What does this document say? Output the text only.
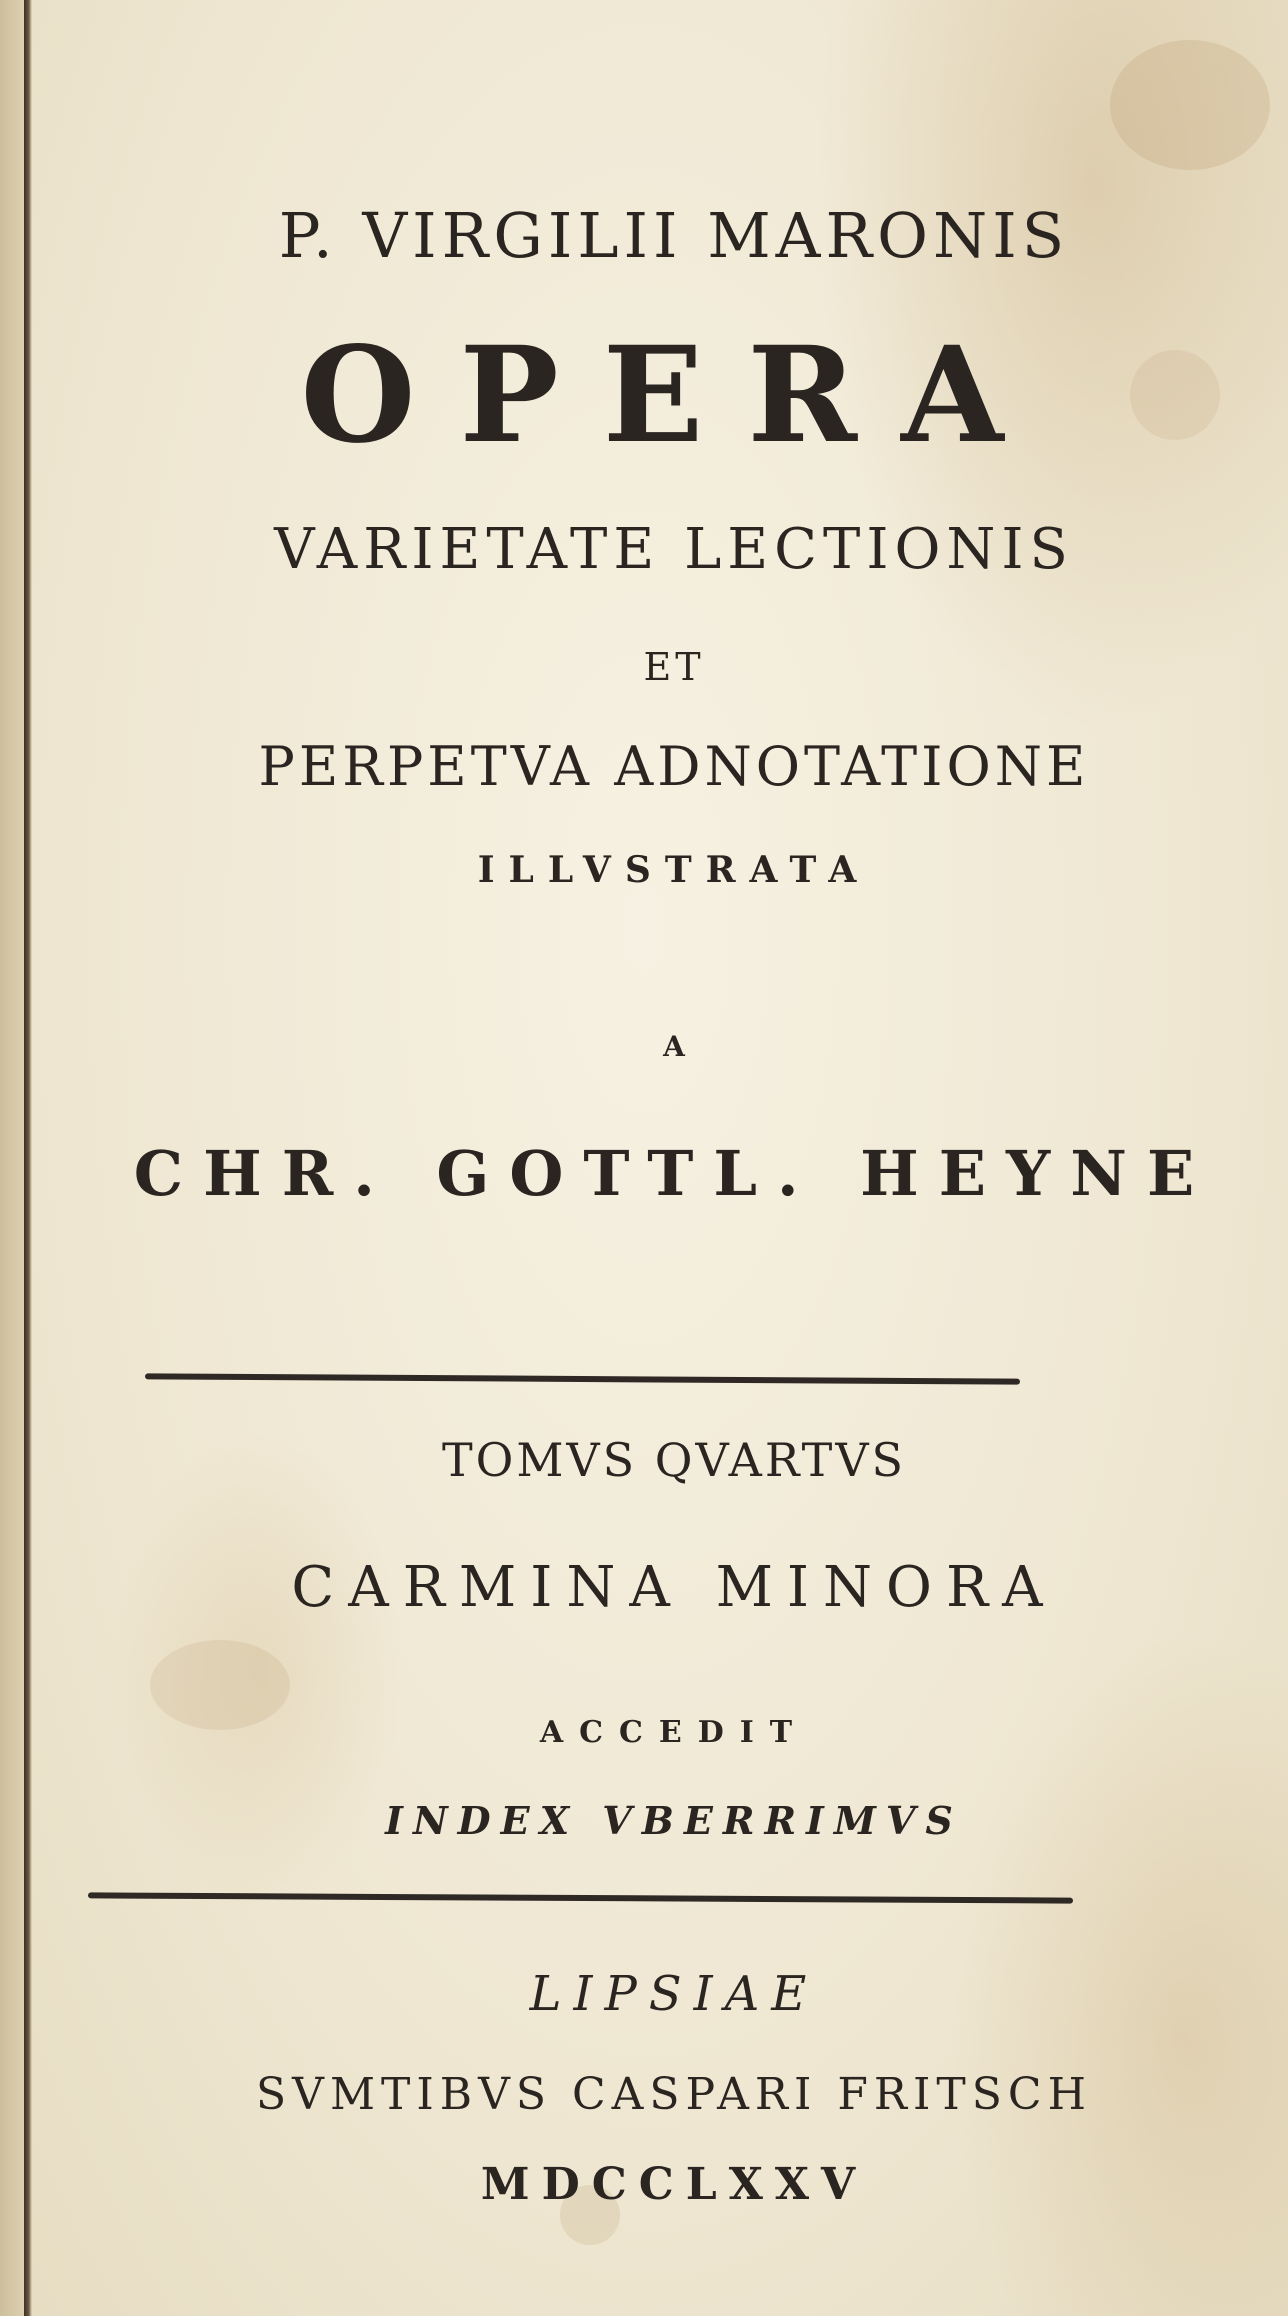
P. VIRGILII MARONIS
OPERA
VARIETATE LECTIONIS
ET
PERPETVA ADNOTATIONE
ILLVSTRATA
A
CHR. GOTTL. HEYNE
TOMVS QVARTVS
CARMINA MINORA
ACCEDIT
INDEX VBERRIMVS
LIPSIAE
SVMTIBVS CASPARI FRITSCH
MDCCLXXV
